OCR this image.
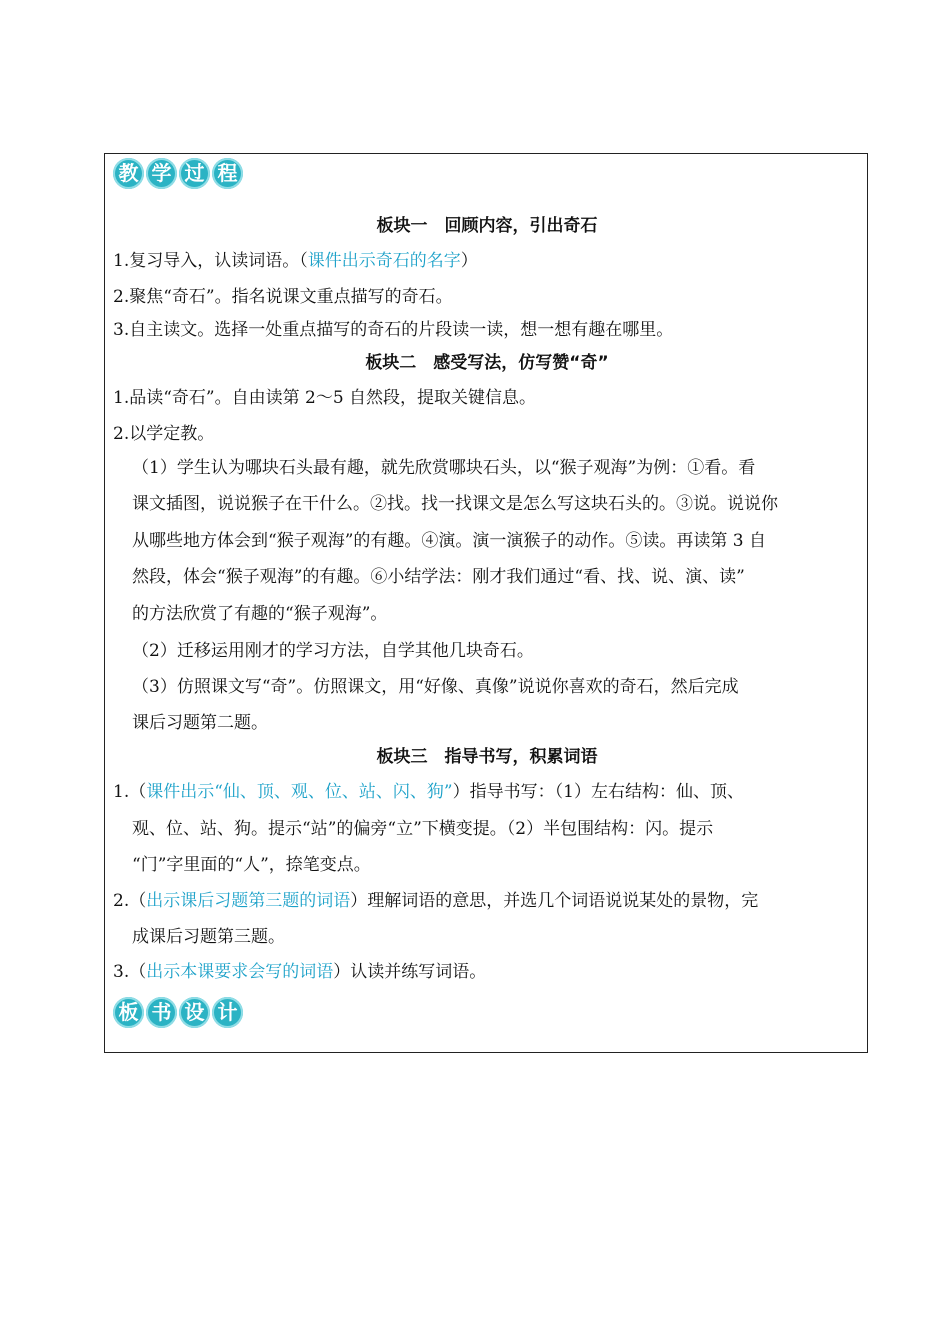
教 学 过 程
板块一　回顾内容，引出奇石
1.复习导入，认读词语。（课件出示奇石的名字）
2.聚焦“奇石”。指名说课文重点描写的奇石。
3.自主读文。选择一处重点描写的奇石的片段读一读，想一想有趣在哪里。
板块二　感受写法，仿写赞“奇”
1.品读“奇石”。自由读第 2～5 自然段，提取关键信息。
2.以学定教。
（1）学生认为哪块石头最有趣，就先欣赏哪块石头，以“猴子观海”为例：①看。看
课文插图，说说猴子在干什么。②找。找一找课文是怎么写这块石头的。③说。说说你
从哪些地方体会到“猴子观海”的有趣。④演。演一演猴子的动作。⑤读。再读第 3 自
然段，体会“猴子观海”的有趣。⑥小结学法：刚才我们通过“看、找、说、演、读”
的方法欣赏了有趣的“猴子观海”。
（2）迁移运用刚才的学习方法，自学其他几块奇石。
（3）仿照课文写“奇”。仿照课文，用“好像、真像”说说你喜欢的奇石，然后完成
课后习题第二题。
板块三　指导书写，积累词语
1.（课件出示“仙、顶、观、位、站、闪、狗”）指导书写：（1）左右结构：仙、顶、
观、位、站、狗。提示“站”的偏旁“立”下横变提。（2）半包围结构：闪。提示
“门”字里面的“人”，捺笔变点。
2.（出示课后习题第三题的词语）理解词语的意思，并选几个词语说说某处的景物，完
成课后习题第三题。
3.（出示本课要求会写的词语）认读并练写词语。
板 书 设 计
